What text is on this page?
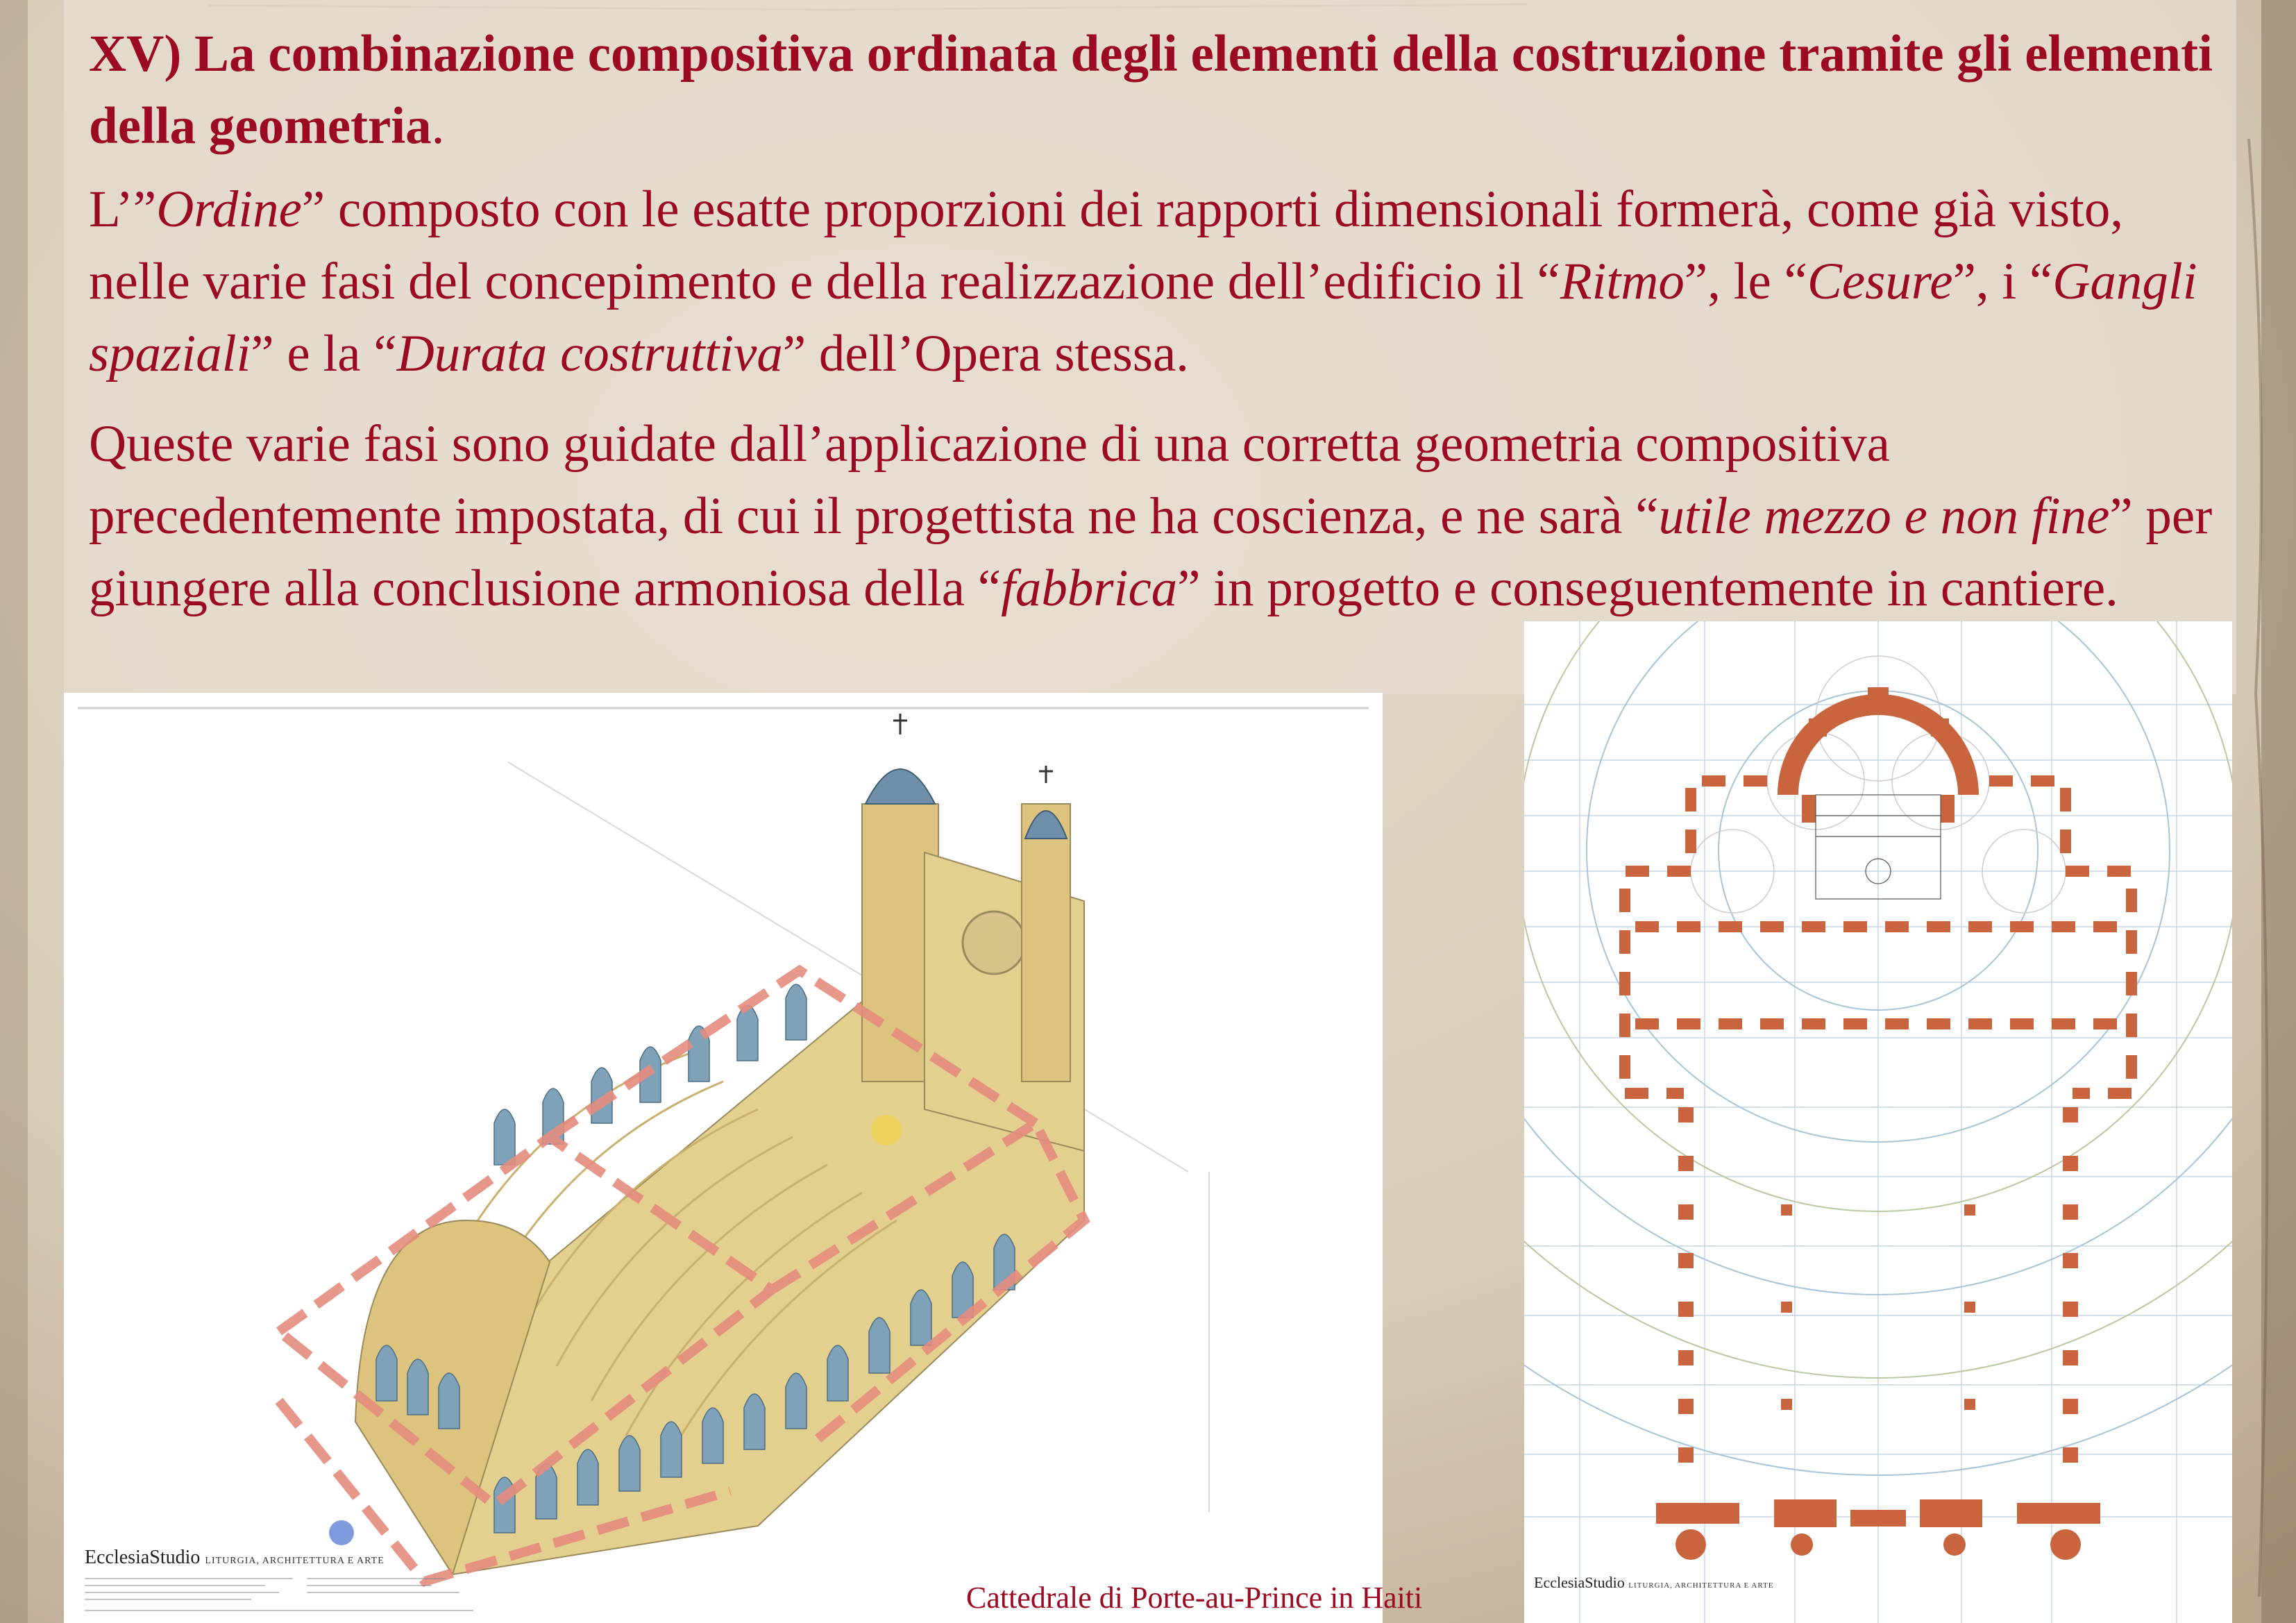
XV) La combinazione compositiva ordinata degli elementi della costruzione tramite gli elementi della geometria.

L’”Ordine” composto con le esatte proporzioni dei rapporti dimensionali formerà, come già visto, nelle varie fasi del concepimento e della realizzazione dell’edificio il “Ritmo”, le “Cesure”, i “Gangli spaziali” e la “Durata costruttiva” dell’Opera stessa.

Queste varie fasi sono guidate dall’applicazione di una corretta geometria compositiva precedentemente impostata, di cui il progettista ne ha coscienza, e ne sarà “utile mezzo e non fine” per giungere alla conclusione armoniosa della “fabbrica” in progetto e conseguentemente in cantiere.

EcclesiaStudio LITURGIA, ARCHITETTURA E ARTE
Cattedrale di Porte-au-Prince in Haiti	EcclesiaStudio LITURGIA, ARCHITETTURA E ARTE
